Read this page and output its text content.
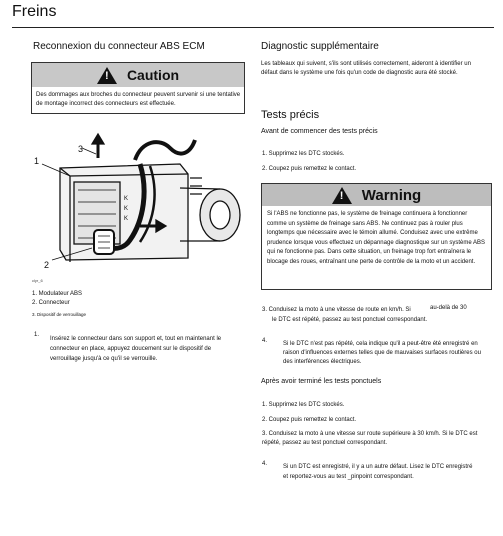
Freins
Reconnexion du connecteur ABS ECM
!
Caution
Des dommages aux broches du connecteur peuvent survenir si une tentative de montage incorrect des connecteurs est effectuée.
3
1
2
K
K
K
clyr_6
1. Modulateur ABS
2. Connecteur
3. Dispositif de verrouillage
1.
Insérez le connecteur dans son support et, tout en maintenant le connecteur en place, appuyez doucement sur le dispositif de verrouillage jusqu'à ce qu'il se verrouille.
Diagnostic supplémentaire
Les tableaux qui suivent, s'ils sont utilisés correctement, aideront à identifier un défaut dans le système une fois qu'un code de diagnostic aura été stocké.
Tests précis
Avant de commencer des tests précis
1. Supprimez les DTC stockés.
2. Coupez puis remettez le contact.
!
Warning
Si l'ABS ne fonctionne pas, le système de freinage continuera à fonctionner comme un système de freinage sans ABS. Ne continuez pas à rouler plus longtemps que nécessaire avec le témoin allumé. Conduisez avec une extrême prudence lorsque vous effectuez un dépannage diagnostique sur un système ABS qui ne fonctionne pas. Dans cette situation, un freinage trop fort entraînera le blocage des roues, entraînant une perte de contrôle de la moto et un accident.
3. Conduisez la moto à une vitesse de route en km/h. Si	au-delà de 30
le DTC est répété, passez au test ponctuel correspondant.
4.	Si le DTC n'est pas répété, cela indique qu'il a peut-être été enregistré en raison d'influences externes telles que de mauvaises surfaces routières ou des interférences électriques.
Après avoir terminé les tests ponctuels
1. Supprimez les DTC stockés.
2. Coupez puis remettez le contact.
3. Conduisez la moto à une vitesse sur route supérieure à 30 km/h. Si le DTC est répété, passez au test ponctuel correspondant.
4.	Si un DTC est enregistré, il y a un autre défaut. Lisez le DTC enregistré et reportez-vous au test _pinpoint correspondant.
